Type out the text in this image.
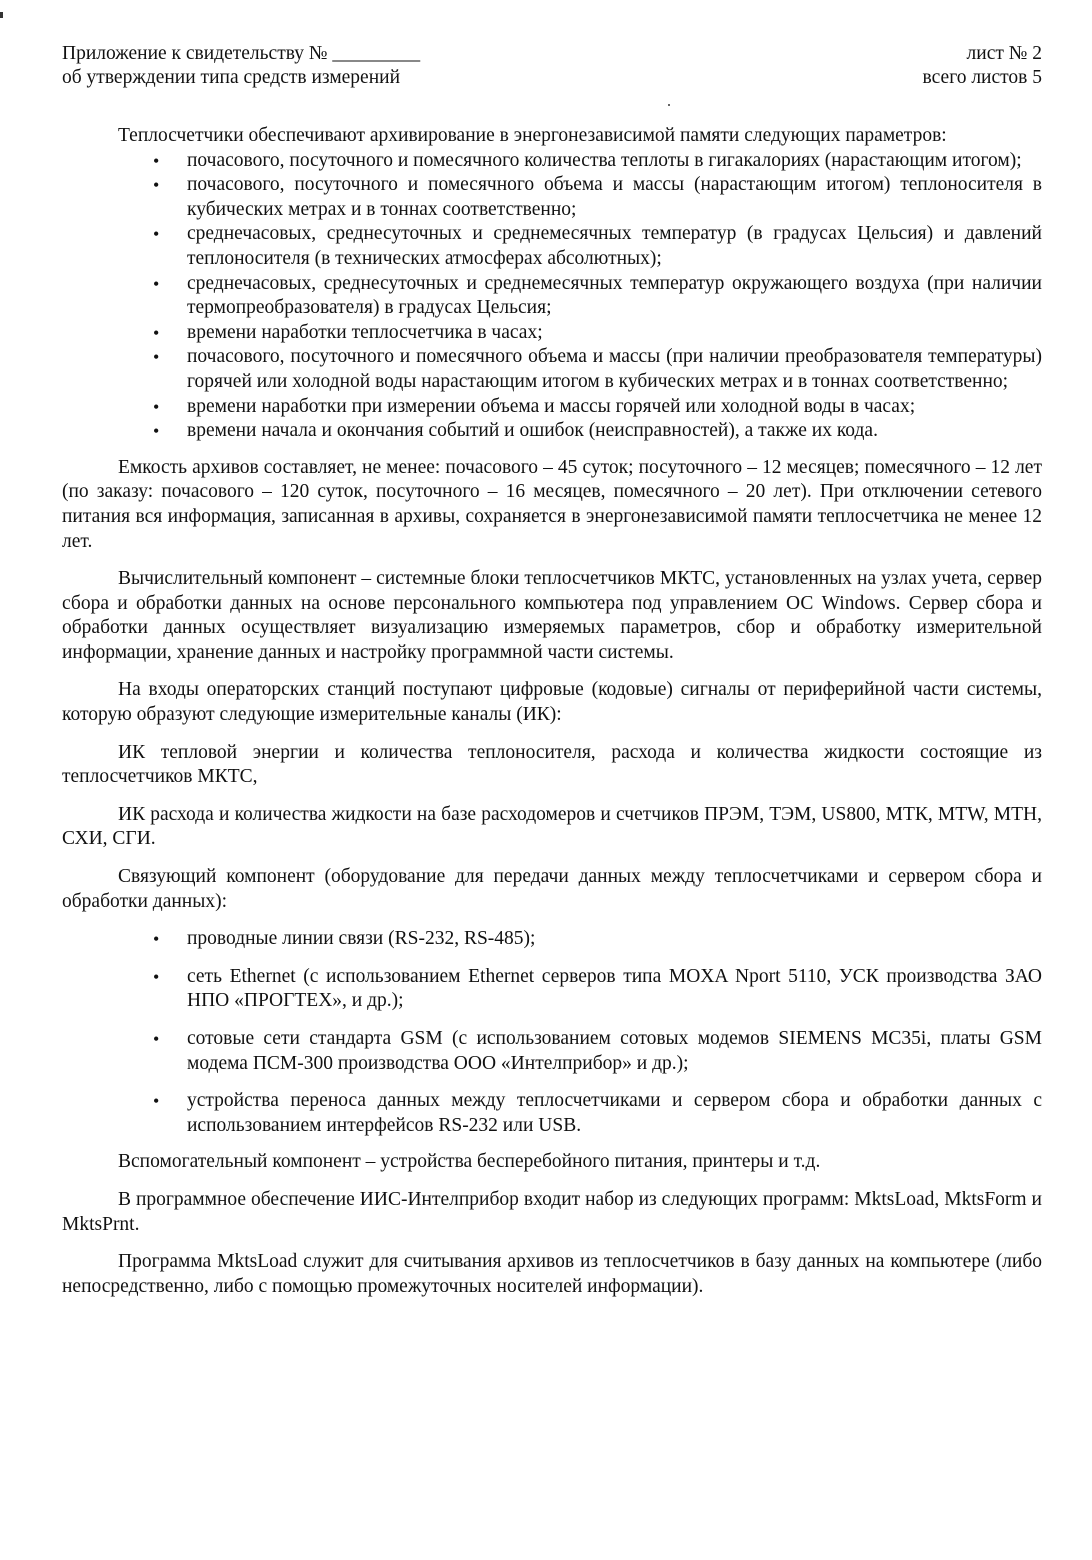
Приложение к свидетельству № _________
об утверждении типа средств измерений
лист № 2
всего листов 5

Теплосчетчики обеспечивают архивирование в энергонезависимой памяти следующих параметров:

• почасового, посуточного и помесячного количества теплоты в гигакалориях (нарастающим итогом);
• почасового, посуточного и помесячного объема и массы (нарастающим итогом) теплоносителя в кубических метрах и в тоннах соответственно;
• среднечасовых, среднесуточных и среднемесячных температур (в градусах Цельсия) и давлений теплоносителя (в технических атмосферах абсолютных);
• среднечасовых, среднесуточных и среднемесячных температур окружающего воздуха (при наличии термопреобразователя) в градусах Цельсия;
• времени наработки теплосчетчика в часах;
• почасового, посуточного и помесячного объема и массы (при наличии преобразователя температуры) горячей или холодной воды нарастающим итогом в кубических метрах и в тоннах соответственно;
• времени наработки при измерении объема и массы горячей или холодной воды в часах;
• времени начала и окончания событий и ошибок (неисправностей), а также их кода.

Емкость архивов составляет, не менее: почасового – 45 суток; посуточного – 12 месяцев; помесячного – 12 лет (по заказу: почасового – 120 суток, посуточного – 16 месяцев, помесячного – 20 лет). При отключении сетевого питания вся информация, записанная в архивы, сохраняется в энергонезависимой памяти теплосчетчика не менее 12 лет.

Вычислительный компонент – системные блоки теплосчетчиков МКТС, установленных на узлах учета, сервер сбора и обработки данных на основе персонального компьютера под управлением ОС Windows. Сервер сбора и обработки данных осуществляет визуализацию измеряемых параметров, сбор и обработку измерительной информации, хранение данных и настройку программной части системы.

На входы операторских станций поступают цифровые (кодовые) сигналы от периферийной части системы, которую образуют следующие измерительные каналы (ИК):

ИК тепловой энергии и количества теплоносителя, расхода и количества жидкости состоящие из теплосчетчиков МКТС,

ИК расхода и количества жидкости на базе расходомеров и счетчиков ПРЭМ, ТЭМ, US800, МТК, MTW, МТН, СХИ, СГИ.

Связующий компонент (оборудование для передачи данных между теплосчетчиками и сервером сбора и обработки данных):

• проводные линии связи (RS-232, RS-485);
• сеть Ethernet (с использованием Ethernet серверов типа MOXA Nport 5110, УСК производства ЗАО НПО «ПРОГТЕХ», и др.);
• сотовые сети стандарта GSM (с использованием сотовых модемов SIEMENS MC35i, платы GSM модема ПСМ-300 производства ООО «Интелприбор» и др.);
• устройства переноса данных между теплосчетчиками и сервером сбора и обработки данных с использованием интерфейсов RS-232 или USB.

Вспомогательный компонент – устройства бесперебойного питания, принтеры и т.д.

В программное обеспечение ИИС-Интелприбор входит набор из следующих программ: MktsLoad, MktsForm и MktsPrnt.

Программа MktsLoad служит для считывания архивов из теплосчетчиков в базу данных на компьютере (либо непосредственно, либо с помощью промежуточных носителей информации).
